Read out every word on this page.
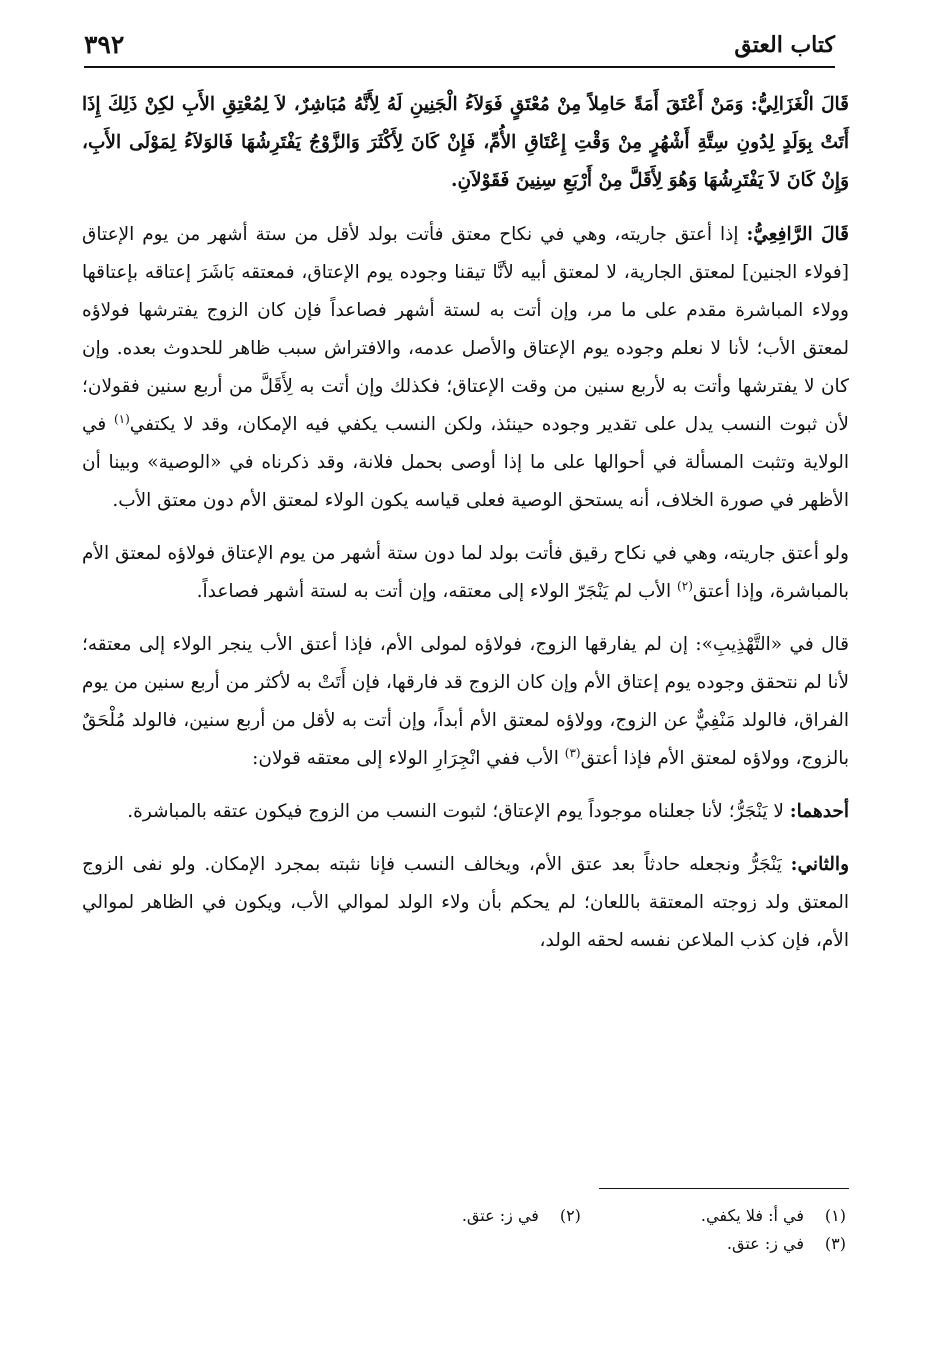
٣٩٢	كتاب العتق

قَالَ الْغَزَالِيُّ: وَمَنْ أَعْتَقَ أَمَةً حَامِلاً مِنْ مُعْتَقٍ فَوَلاَءُ الْجَنِينِ لَهُ لِأَنَّهُ مُبَاشِرٌ، لاَ لِمُعْتِقِ الأَبِ لكِنْ ذَلِكَ إِذَا أَتَتْ بِوَلَدٍ لِدُونِ سِتَّةِ أَشْهُرٍ مِنْ وَقْتِ إِعْتَاقِ الأُمِّ، فَإِنْ كَانَ لِأَكْثَرَ وَالزَّوْجُ يَفْتَرِشُهَا فَالوَلاَءُ لِمَوْلَى الأَبِ، وَإِنْ كَانَ لاَ يَفْتَرِشُهَا وَهُوَ لِأَقَلَّ مِنْ أَرْبَعِ سِنِينَ فَقَوْلاَنِ.

قَالَ الرَّافِعِيُّ: إذا أعتق جاريته، وهي في نكاح معتق فأتت بولد لأقل من ستة أشهر من يوم الإعتاق [فولاء الجنين] لمعتق الجارية، لا لمعتق أبيه لأنَّا تيقنا وجوده يوم الإعتاق، فمعتقه بَاشَرَ إعتاقه بإعتاقها وولاء المباشرة مقدم على ما مر، وإن أتت به لستة أشهر فصاعداً فإن كان الزوج يفترشها فولاؤه لمعتق الأب؛ لأنا لا نعلم وجوده يوم الإعتاق والأصل عدمه، والافتراش سبب ظاهر للحدوث بعده. وإن كان لا يفترشها وأتت به لأربع سنين من وقت الإعتاق؛ فكذلك وإن أتت به لِأَقَلَّ من أربع سنين فقولان؛ لأن ثبوت النسب يدل على تقدير وجوده حينئذ، ولكن النسب يكفي فيه الإمكان، وقد لا يكتفي$^{(١)}$ في الولاية وتثبت المسألة في أحوالها على ما إذا أوصى بحمل فلانة، وقد ذكرناه في «الوصية» وبينا أن الأظهر في صورة الخلاف، أنه يستحق الوصية فعلى قياسه يكون الولاء لمعتق الأم دون معتق الأب.

ولو أعتق جاريته، وهي في نكاح رقيق فأتت بولد لما دون ستة أشهر من يوم الإعتاق فولاؤه لمعتق الأم بالمباشرة، وإذا أعتق$^{(٢)}$ الأب لم يَنْجَرّ الولاء إلى معتقه، وإن أتت به لستة أشهر فصاعداً.

قال في «التَّهْذِيبِ»: إن لم يفارقها الزوج، فولاؤه لمولى الأم، فإذا أعتق الأب ينجر الولاء إلى معتقه؛ لأنا لم نتحقق وجوده يوم إعتاق الأم وإن كان الزوج قد فارقها، فإن أَتَتْ به لأكثر من أربع سنين من يوم الفراق، فالولد مَنْفِيٌّ عن الزوج، وولاؤه لمعتق الأم أبداً، وإن أتت به لأقل من أربع سنين، فالولد مُلْحَقٌ بالزوج، وولاؤه لمعتق الأم فإذا أعتق$^{(٣)}$ الأب ففي انْجِرَارِ الولاء إلى معتقه قولان:

أحدهما: لا يَنْجَرُّ؛ لأنا جعلناه موجوداً يوم الإعتاق؛ لثبوت النسب من الزوج فيكون عتقه بالمباشرة.

والثاني: يَنْجَرُّ ونجعله حادثاً بعد عتق الأم، ويخالف النسب فإنا نثبته بمجرد الإمكان. ولو نفى الزوج المعتق ولد زوجته المعتقة باللعان؛ لم يحكم بأن ولاء الولد لموالي الأب، ويكون في الظاهر لموالي الأم، فإن كذب الملاعن نفسه لحقه الولد،

(١)في أ: فلا يكفي.
(٢)في ز: عتق.
(٣)في ز: عتق.
